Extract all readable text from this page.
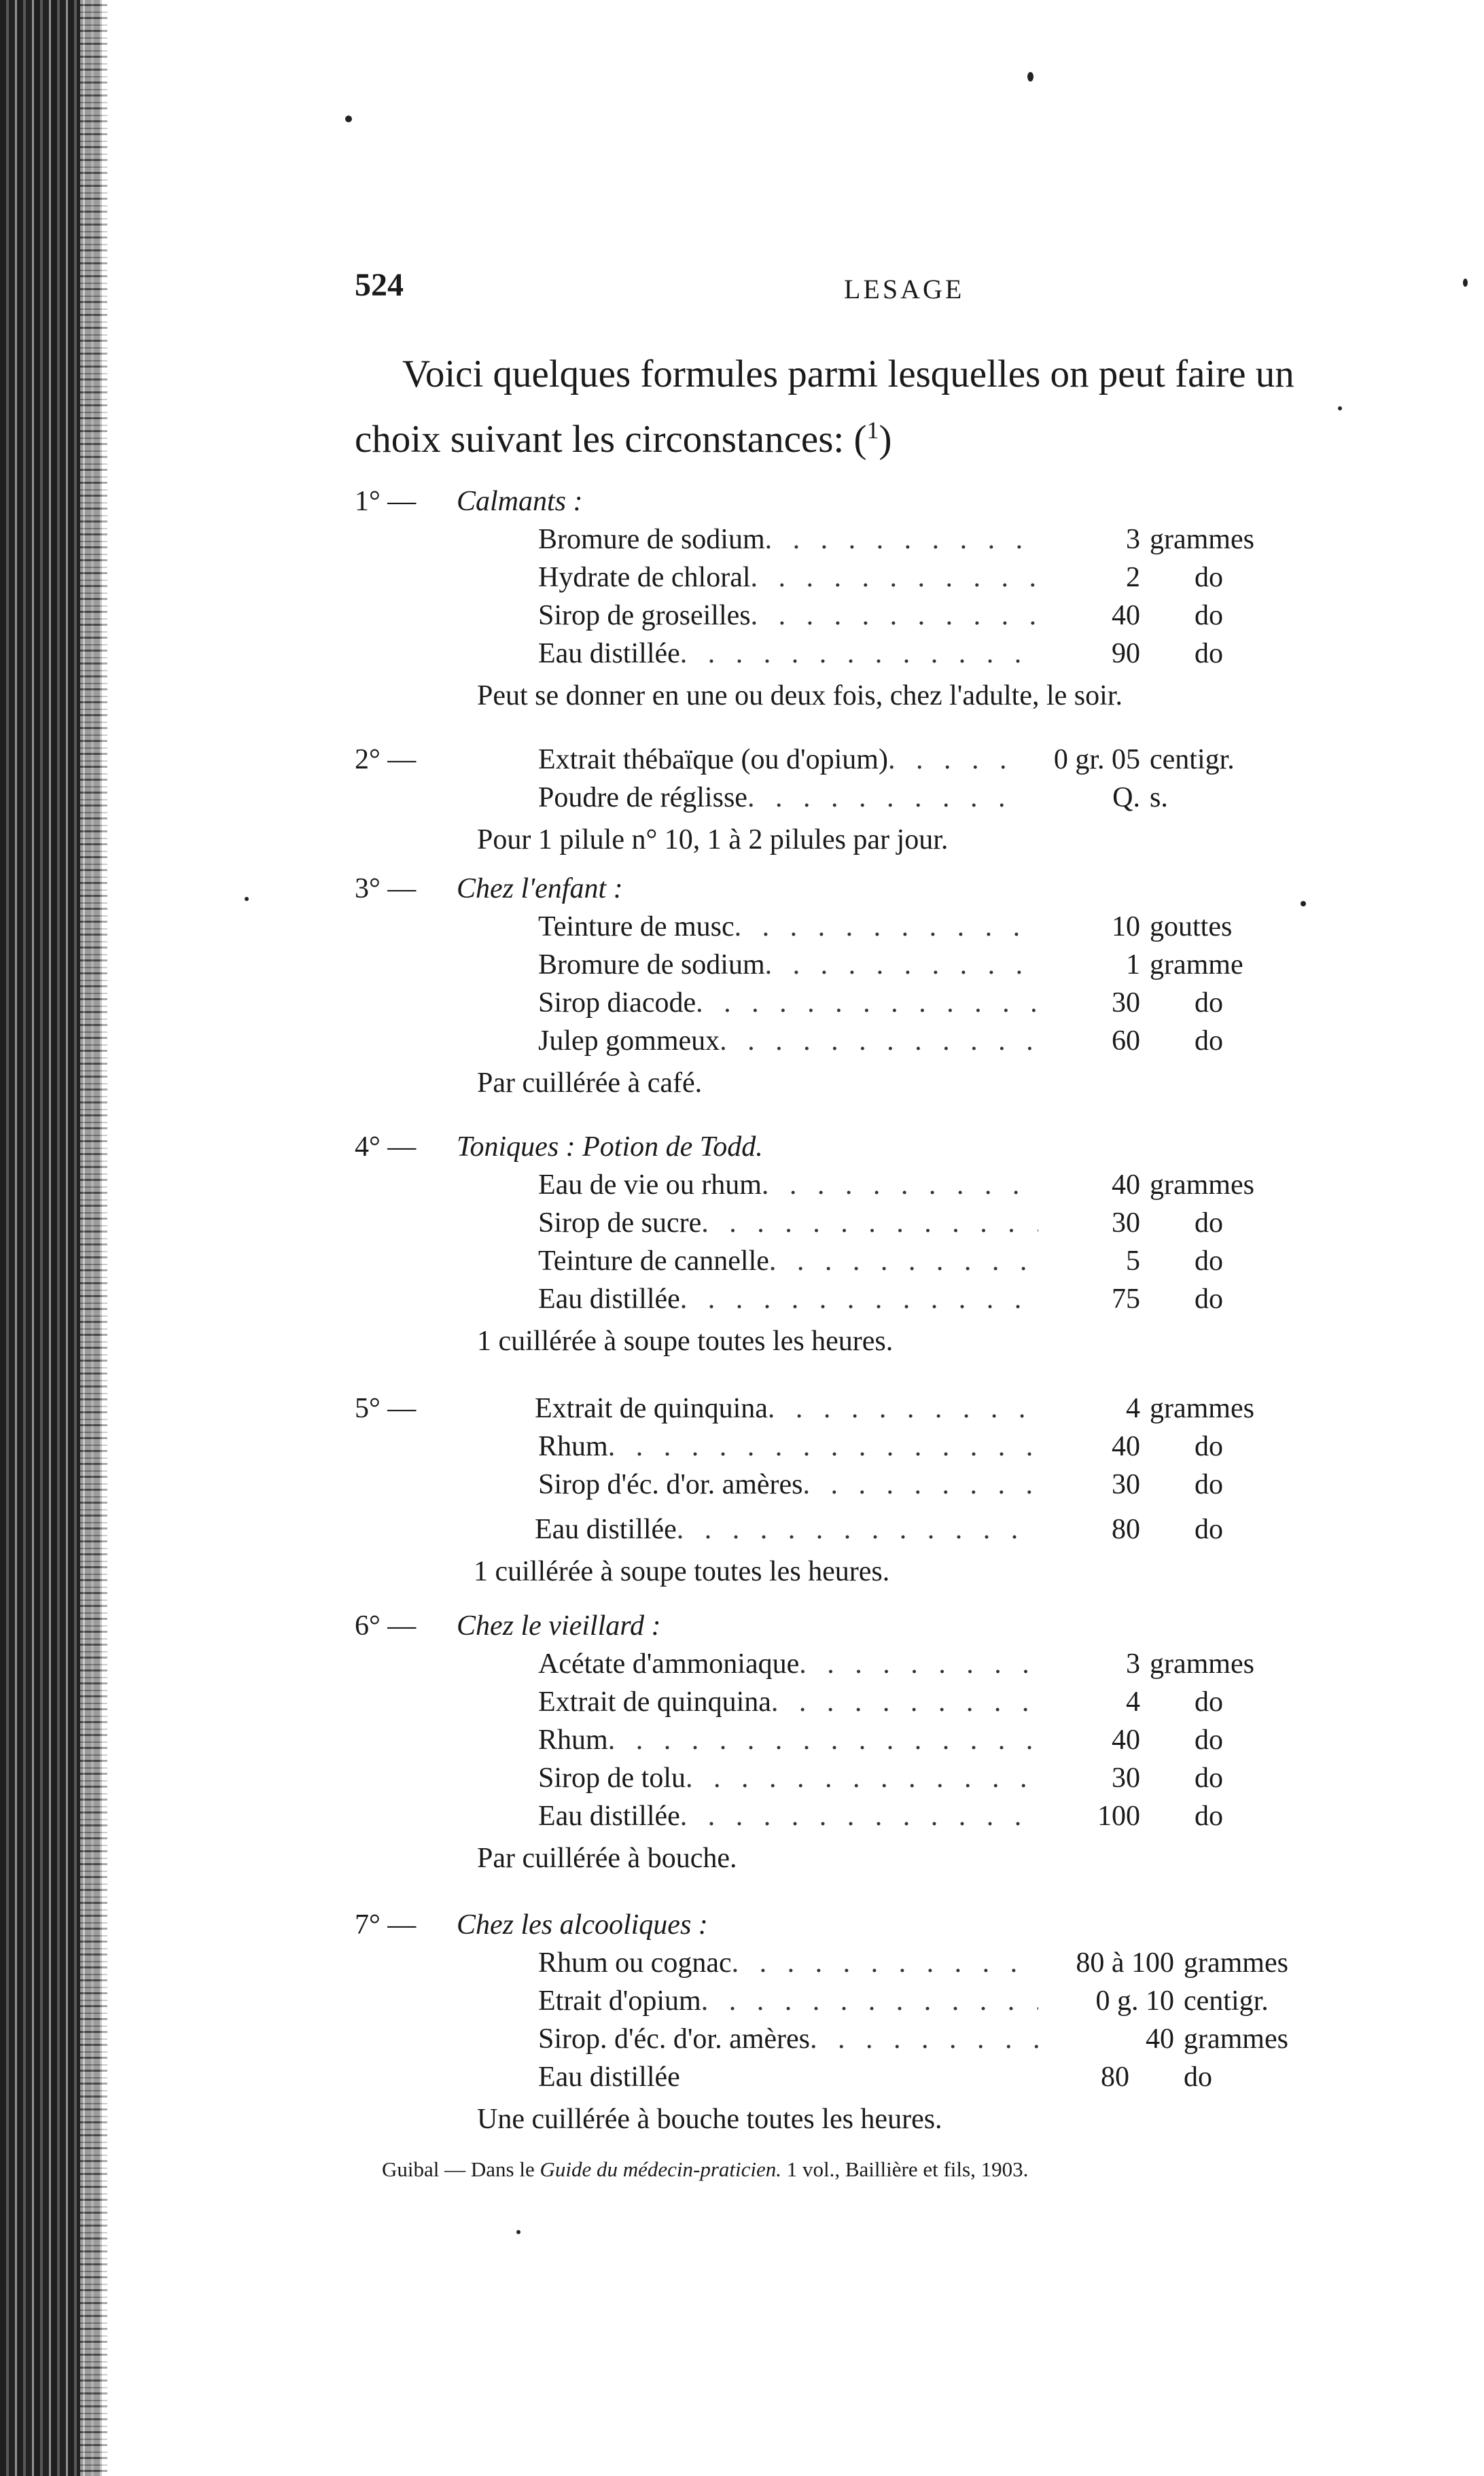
524	LESAGE
Voici quelques formules parmi lesquelles on peut faire un
choix suivant les circonstances: ($^1$)
1° — Calmants :
Bromure de sodium . . .	3 grammes
Hydrate de chloral . . .	2	do
Sirop de groseilles . . .	40	do
Eau distillée . . .	90	do
Peut se donner en une ou deux fois, chez l'adulte, le soir.
2° —	Extrait thébaïque (ou d'opium) . . .	0 gr. 05 centigr.
Poudre de réglisse . . .	Q. s.
Pour 1 pilule n° 10, 1 à 2 pilules par jour.
3° — Chez l'enfant :
Teinture de musc . . .	10 gouttes
Bromure de sodium . . .	1 gramme
Sirop diacode . . .	30	do
Julep gommeux . . .	60	do
Par cuillérée à café.
4° — Toniques : Potion de Todd.
Eau de vie ou rhum . . .	40 grammes
Sirop de sucre . . .	30	do
Teinture de cannelle . . .	5	do
Eau distillée . . .	75	do
1 cuillérée à soupe toutes les heures.
5° —	Extrait de quinquina . . .	4 grammes
Rhum . . .	40	do
Sirop d'éc. d'or. amères . . .	30	do
Eau distillée . . .	80	do
1 cuillérée à soupe toutes les heures.
6° — Chez le vieillard :
Acétate d'ammoniaque . . .	3 grammes
Extrait de quinquina . . .	4	do
Rhum . . .	40	do
Sirop de tolu . . .	30	do
Eau distillée . . .	100	do
Par cuillérée à bouche.
7° — Chez les alcooliques :
Rhum ou cognac . . .	80 à 100 grammes
Etrait d'opium . . .	0 g. 10 centigr.
Sirop. d'éc. d'or. amères . . .	40 grammes
Eau distillée	80	do
Une cuillérée à bouche toutes les heures.
Guibal — Dans le Guide du médecin-praticien. 1 vol., Baillière et fils, 1903.
